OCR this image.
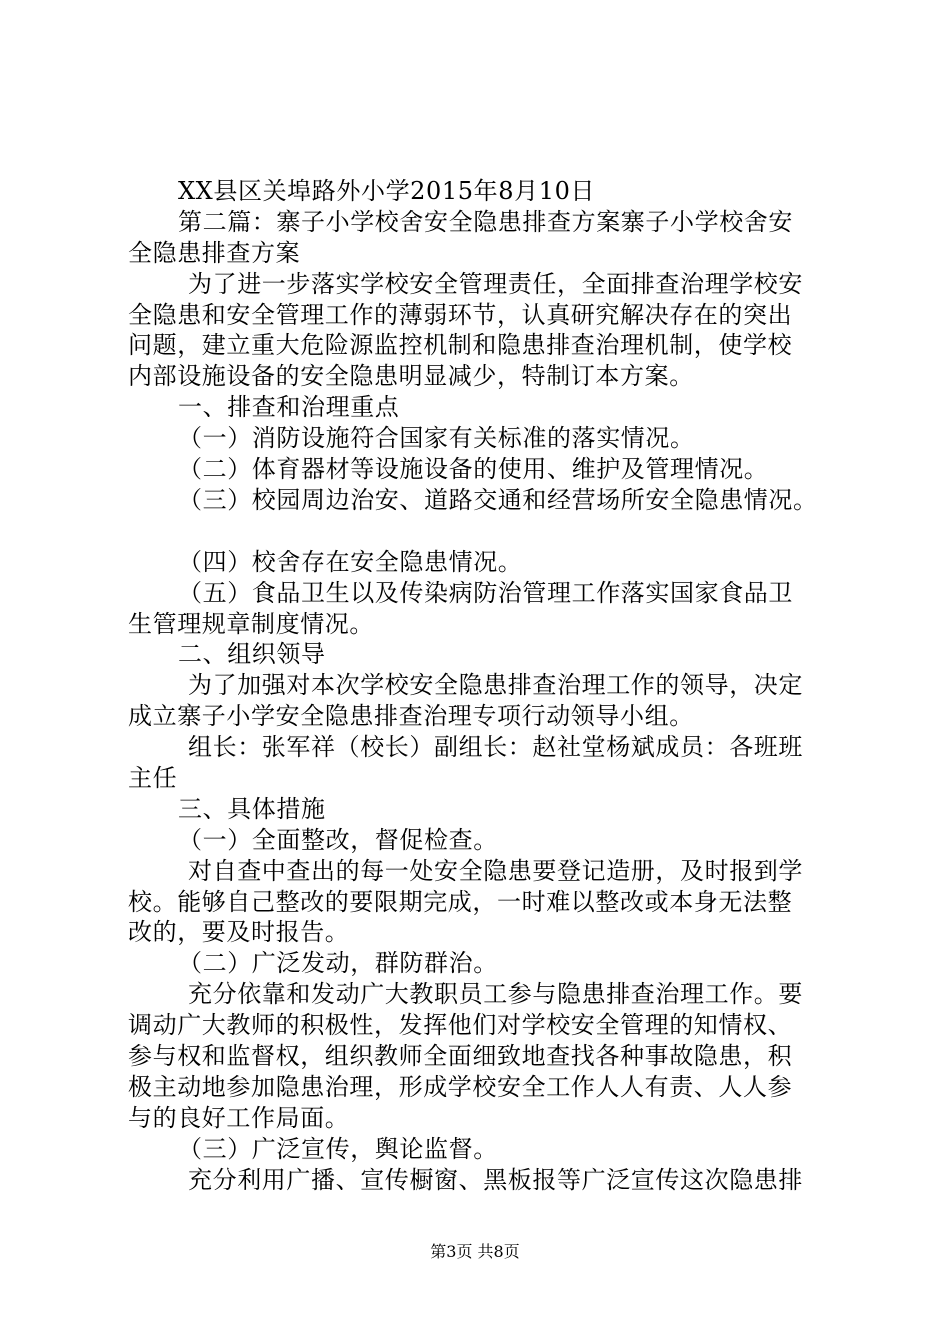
XX县区关埠路外小学2015年8月10日
第二篇：寨子小学校舍安全隐患排查方案寨子小学校舍安
全隐患排查方案
为了进一步落实学校安全管理责任，全面排查治理学校安
全隐患和安全管理工作的薄弱环节，认真研究解决存在的突出
问题，建立重大危险源监控机制和隐患排查治理机制，使学校
内部设施设备的安全隐患明显减少，特制订本方案。
一、排查和治理重点
（一）消防设施符合国家有关标准的落实情况。
（二）体育器材等设施设备的使用、维护及管理情况。
（三）校园周边治安、道路交通和经营场所安全隐患情况。
（四）校舍存在安全隐患情况。
（五）食品卫生以及传染病防治管理工作落实国家食品卫
生管理规章制度情况。
二、组织领导
为了加强对本次学校安全隐患排查治理工作的领导，决定
成立寨子小学安全隐患排查治理专项行动领导小组。
组长：张军祥（校长）副组长：赵社堂杨斌成员：各班班
主任
三、具体措施
（一）全面整改，督促检查。
对自查中查出的每一处安全隐患要登记造册，及时报到学
校。能够自己整改的要限期完成，一时难以整改或本身无法整
改的，要及时报告。
（二）广泛发动，群防群治。
充分依靠和发动广大教职员工参与隐患排查治理工作。要
调动广大教师的积极性，发挥他们对学校安全管理的知情权、
参与权和监督权，组织教师全面细致地查找各种事故隐患，积
极主动地参加隐患治理，形成学校安全工作人人有责、人人参
与的良好工作局面。
（三）广泛宣传，舆论监督。
充分利用广播、宣传橱窗、黑板报等广泛宣传这次隐患排
第3页 共8页
